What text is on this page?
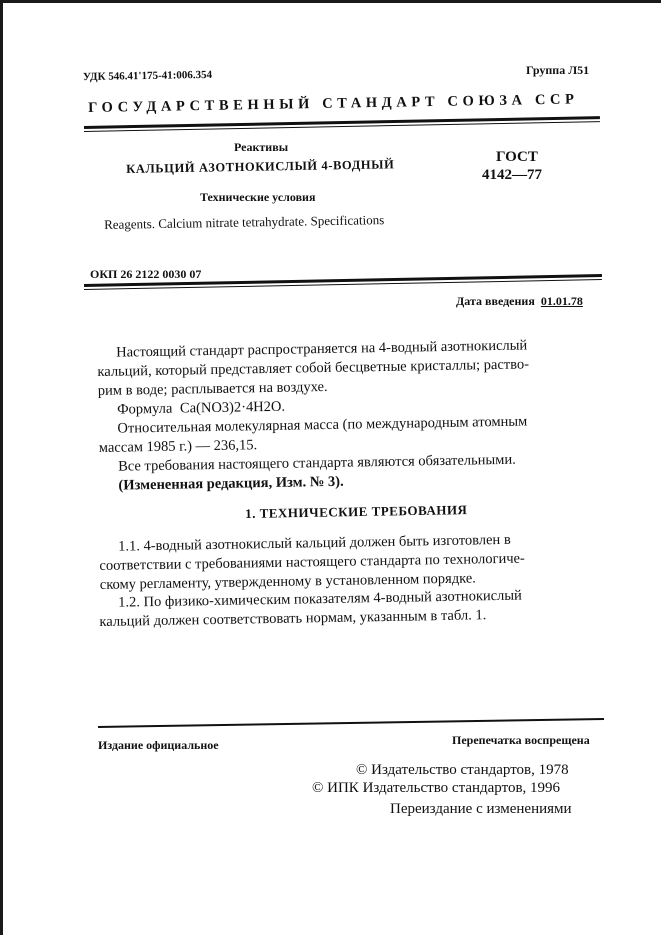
УДК 546.41'175-41:006.354	Группа Л51
ГОСУДАРСТВЕННЫЙ СТАНДАРТ СОЮЗА ССР
Реактивы
КАЛЬЦИЙ АЗОТНОКИСЛЫЙ 4-ВОДНЫЙ
ГОСТ
4142—77
Технические условия
Reagents. Calcium nitrate tetrahydrate. Specifications
ОКП 26 2122 0030 07
Дата введения 01.01.78
Настоящий стандарт распространяется на 4-водный азотнокислый
кальций, который представляет собой бесцветные кристаллы; раство-
рим в воде; расплывается на воздухе.
Формула Ca(NO3)2·4H2O.
Относительная молекулярная масса (по международным атомным
массам 1985 г.) — 236,15.
Все требования настоящего стандарта являются обязательными.
(Измененная редакция, Изм. № 3).
1. ТЕХНИЧЕСКИЕ ТРЕБОВАНИЯ
1.1. 4-водный азотнокислый кальций должен быть изготовлен в
соответствии с требованиями настоящего стандарта по технологиче-
скому регламенту, утвержденному в установленном порядке.
1.2. По физико-химическим показателям 4-водный азотнокислый
кальций должен соответствовать нормам, указанным в табл. 1.
Издание официальное	Перепечатка воспрещена
© Издательство стандартов, 1978
© ИПК Издательство стандартов, 1996
Переиздание с изменениями
